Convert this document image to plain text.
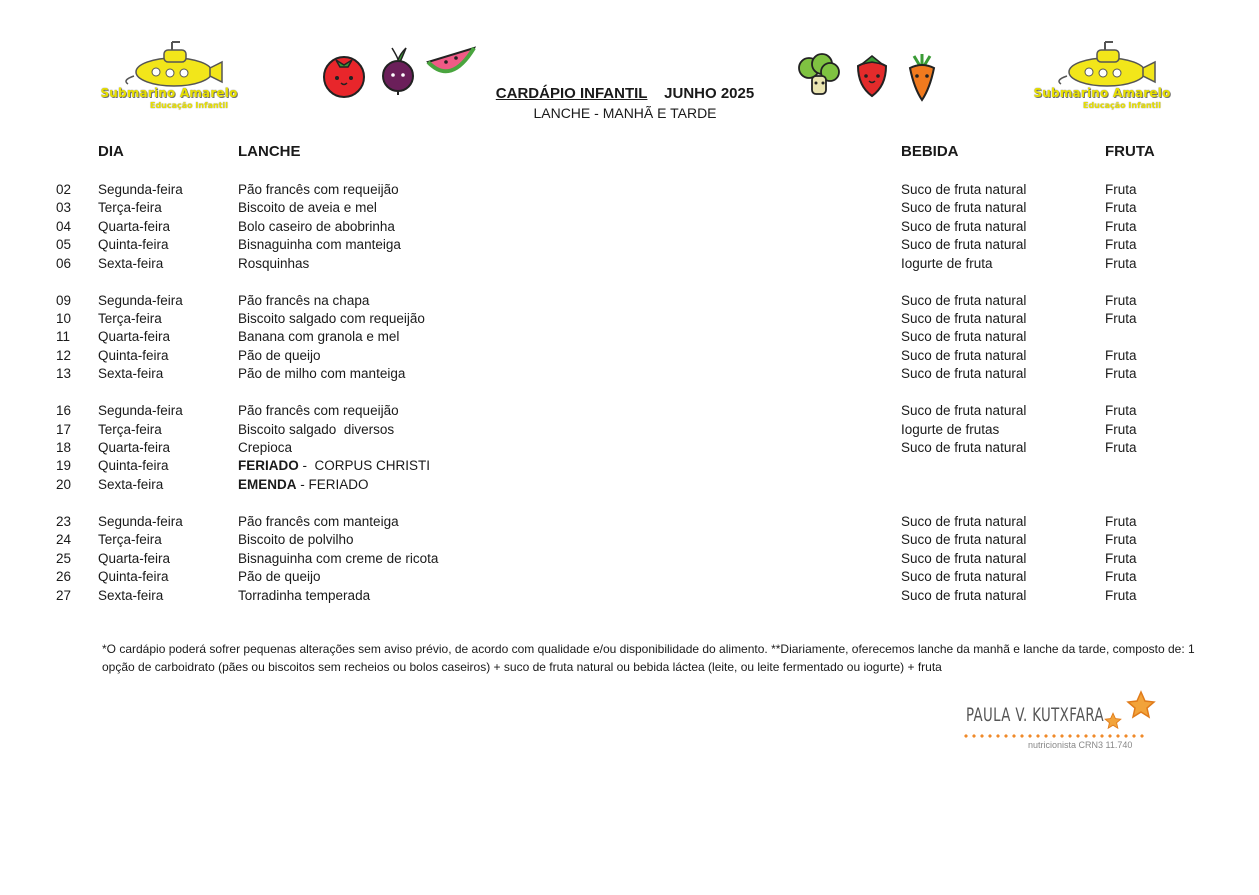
Submarino Amarelo
Educação Infantil
Submarino Amarelo
Educação Infantil
CARDÁPIO INFANTIL JUNHO 2025
LANCHE - MANHÃ E TARDE
DIA	LANCHE	BEBIDA	FRUTA
02 Segunda-feira	Pão francês com requeijão	Suco de fruta natural	Fruta
03 Terça-feira	Biscoito de aveia e mel	Suco de fruta natural	Fruta
04 Quarta-feira	Bolo caseiro de abobrinha	Suco de fruta natural	Fruta
05 Quinta-feira	Bisnaguinha com manteiga	Suco de fruta natural	Fruta
06 Sexta-feira	Rosquinhas	Iogurte de fruta	Fruta
09 Segunda-feira	Pão francês na chapa	Suco de fruta natural	Fruta
10 Terça-feira	Biscoito salgado com requeijão	Suco de fruta natural	Fruta
11 Quarta-feira	Banana com granola e mel	Suco de fruta natural
12 Quinta-feira	Pão de queijo	Suco de fruta natural	Fruta
13 Sexta-feira	Pão de milho com manteiga	Suco de fruta natural	Fruta
16 Segunda-feira	Pão francês com requeijão	Suco de fruta natural	Fruta
17 Terça-feira	Biscoito salgado  diversos	Iogurte de frutas	Fruta
18 Quarta-feira	Crepioca	Suco de fruta natural	Fruta
19 Quinta-feira	FERIADO -  CORPUS CHRISTI
20 Sexta-feira	EMENDA - FERIADO
23 Segunda-feira	Pão francês com manteiga	Suco de fruta natural	Fruta
24 Terça-feira	Biscoito de polvilho	Suco de fruta natural	Fruta
25 Quarta-feira	Bisnaguinha com creme de ricota	Suco de fruta natural	Fruta
26 Quinta-feira	Pão de queijo	Suco de fruta natural	Fruta
27 Sexta-feira	Torradinha temperada	Suco de fruta natural	Fruta
*O cardápio poderá sofrer pequenas alterações sem aviso prévio, de acordo com qualidade e/ou disponibilidade do alimento. **Diariamente, oferecemos lanche da manhã e lanche da tarde, composto de: 1 opção de carboidrato (pães ou biscoitos sem recheios ou bolos caseiros) + suco de fruta natural ou bebida láctea (leite, ou leite fermentado ou iogurte) + fruta
PAULA V. KUTXFARA
nutricionista CRN3 11.740
